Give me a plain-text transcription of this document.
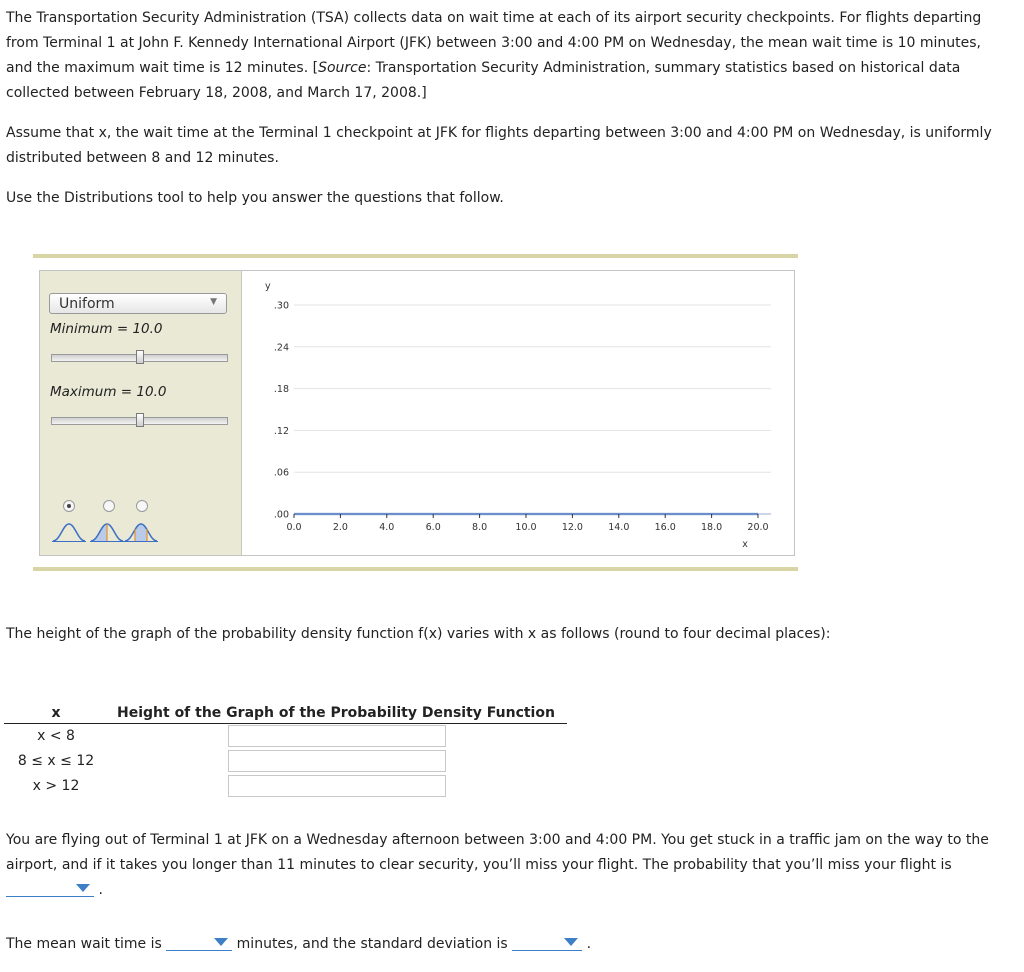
The Transportation Security Administration (TSA) collects data on wait time at each of its airport security checkpoints. For flights departing from Terminal 1 at John F. Kennedy International Airport (JFK) between 3:00 and 4:00 PM on Wednesday, the mean wait time is 10 minutes, and the maximum wait time is 12 minutes. [Source: Transportation Security Administration, summary statistics based on historical data collected between February 18, 2008, and March 17, 2008.]

Assume that x, the wait time at the Terminal 1 checkpoint at JFK for flights departing between 3:00 and 4:00 PM on Wednesday, is uniformly distributed between 8 and 12 minutes.

Use the Distributions tool to help you answer the questions that follow.

Uniform	▼
Minimum = 10.0
Maximum = 10.0
.00
.06
.12
.18
.24
.30
0.0	2.0	4.0	6.0	8.0	10.0	12.0	14.0	16.0	18.0	20.0
y
x

The height of the graph of the probability density function f(x) varies with x as follows (round to four decimal places):

x	Height of the Graph of the Probability Density Function
x < 8
8 ≤ x ≤ 12
x > 12

You are flying out of Terminal 1 at JFK on a Wednesday afternoon between 3:00 and 4:00 PM. You get stuck in a traffic jam on the way to the airport, and if it takes you longer than 11 minutes to clear security, you’ll miss your flight. The probability that you’ll miss your flight is
.

The mean wait time is	minutes, and the standard deviation is	.
